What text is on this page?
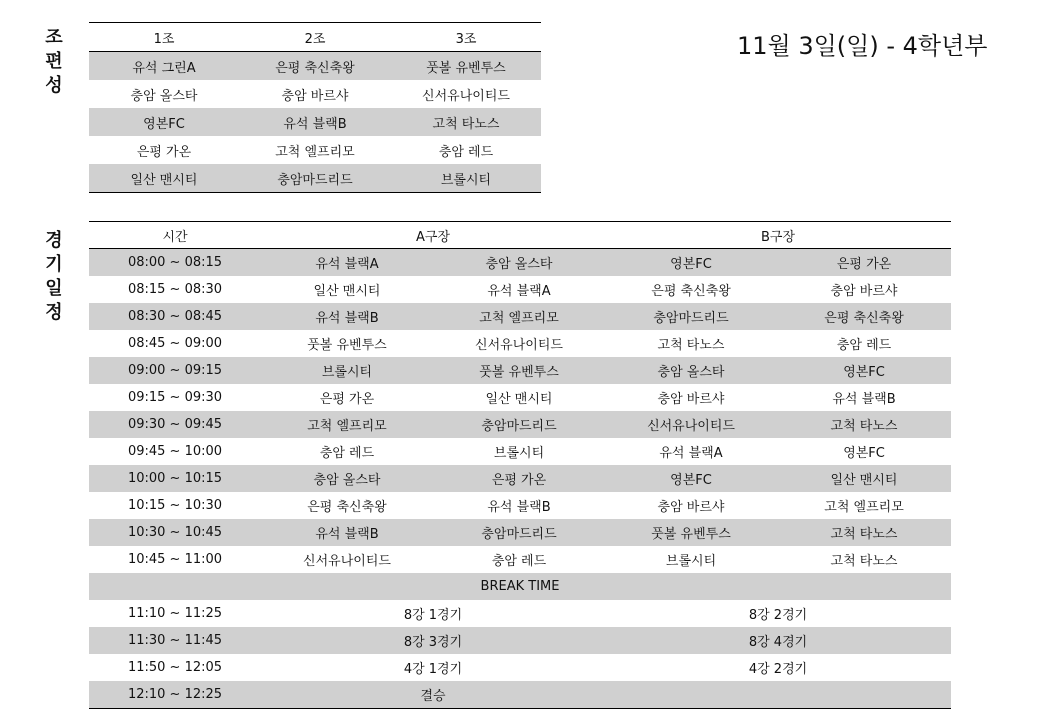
조
편
성
경
기
일
정
11월 3일(일) - 4학년부
1조	2조	3조
유석 그린A	은평 축신축왕	풋볼 유벤투스
충암 올스타	충암 바르샤	신서유나이티드
영본FC	유석 블랙B	고척 타노스
은평 가온	고척 엘프리모	충암 레드
일산 맨시티	충암마드리드	브롤시티
시간	A구장		B구장	
08:00 ~ 08:15	유석 블랙A	충암 올스타	영본FC	은평 가온
08:15 ~ 08:30	일산 맨시티	유석 블랙A	은평 축신축왕	충암 바르샤
08:30 ~ 08:45	유석 블랙B	고척 엘프리모	충암마드리드	은평 축신축왕
08:45 ~ 09:00	풋볼 유벤투스	신서유나이티드	고척 타노스	충암 레드
09:00 ~ 09:15	브롤시티	풋볼 유벤투스	충암 올스타	영본FC
09:15 ~ 09:30	은평 가온	일산 맨시티	충암 바르샤	유석 블랙B
09:30 ~ 09:45	고척 엘프리모	충암마드리드	신서유나이티드	고척 타노스
09:45 ~ 10:00	충암 레드	브롤시티	유석 블랙A	영본FC
10:00 ~ 10:15	충암 올스타	은평 가온	영본FC	일산 맨시티
10:15 ~ 10:30	은평 축신축왕	유석 블랙B	충암 바르샤	고척 엘프리모
10:30 ~ 10:45	유석 블랙B	충암마드리드	풋볼 유벤투스	고척 타노스
10:45 ~ 11:00	신서유나이티드	충암 레드	브롤시티	고척 타노스
BREAK TIME				
11:10 ~ 11:25	8강 1경기		8강 2경기	
11:30 ~ 11:45	8강 3경기		8강 4경기	
11:50 ~ 12:05	4강 1경기		4강 2경기	
12:10 ~ 12:25	결승			
